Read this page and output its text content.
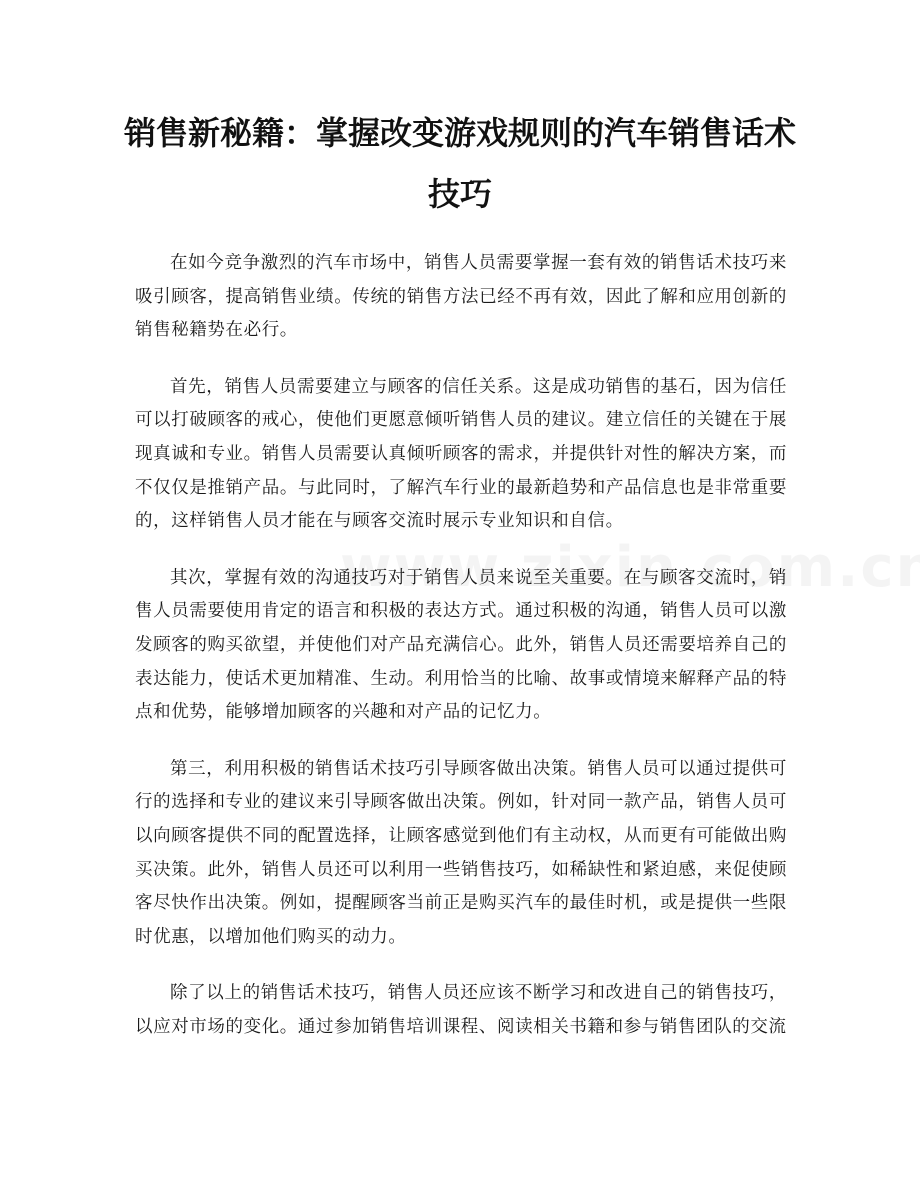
销售新秘籍：掌握改变游戏规则的汽车销售话术技巧

在如今竞争激烈的汽车市场中，销售人员需要掌握一套有效的销售话术技巧来吸引顾客，提高销售业绩。传统的销售方法已经不再有效，因此了解和应用创新的销售秘籍势在必行。

首先，销售人员需要建立与顾客的信任关系。这是成功销售的基石，因为信任可以打破顾客的戒心，使他们更愿意倾听销售人员的建议。建立信任的关键在于展现真诚和专业。销售人员需要认真倾听顾客的需求，并提供针对性的解决方案，而不仅仅是推销产品。与此同时，了解汽车行业的最新趋势和产品信息也是非常重要的，这样销售人员才能在与顾客交流时展示专业知识和自信。

其次，掌握有效的沟通技巧对于销售人员来说至关重要。在与顾客交流时，销售人员需要使用肯定的语言和积极的表达方式。通过积极的沟通，销售人员可以激发顾客的购买欲望，并使他们对产品充满信心。此外，销售人员还需要培养自己的表达能力，使话术更加精准、生动。利用恰当的比喻、故事或情境来解释产品的特点和优势，能够增加顾客的兴趣和对产品的记忆力。

第三，利用积极的销售话术技巧引导顾客做出决策。销售人员可以通过提供可行的选择和专业的建议来引导顾客做出决策。例如，针对同一款产品，销售人员可以向顾客提供不同的配置选择，让顾客感觉到他们有主动权，从而更有可能做出购买决策。此外，销售人员还可以利用一些销售技巧，如稀缺性和紧迫感，来促使顾客尽快作出决策。例如，提醒顾客当前正是购买汽车的最佳时机，或是提供一些限时优惠，以增加他们购买的动力。

除了以上的销售话术技巧，销售人员还应该不断学习和改进自己的销售技巧，以应对市场的变化。通过参加销售培训课程、阅读相关书籍和参与销售团队的交流
